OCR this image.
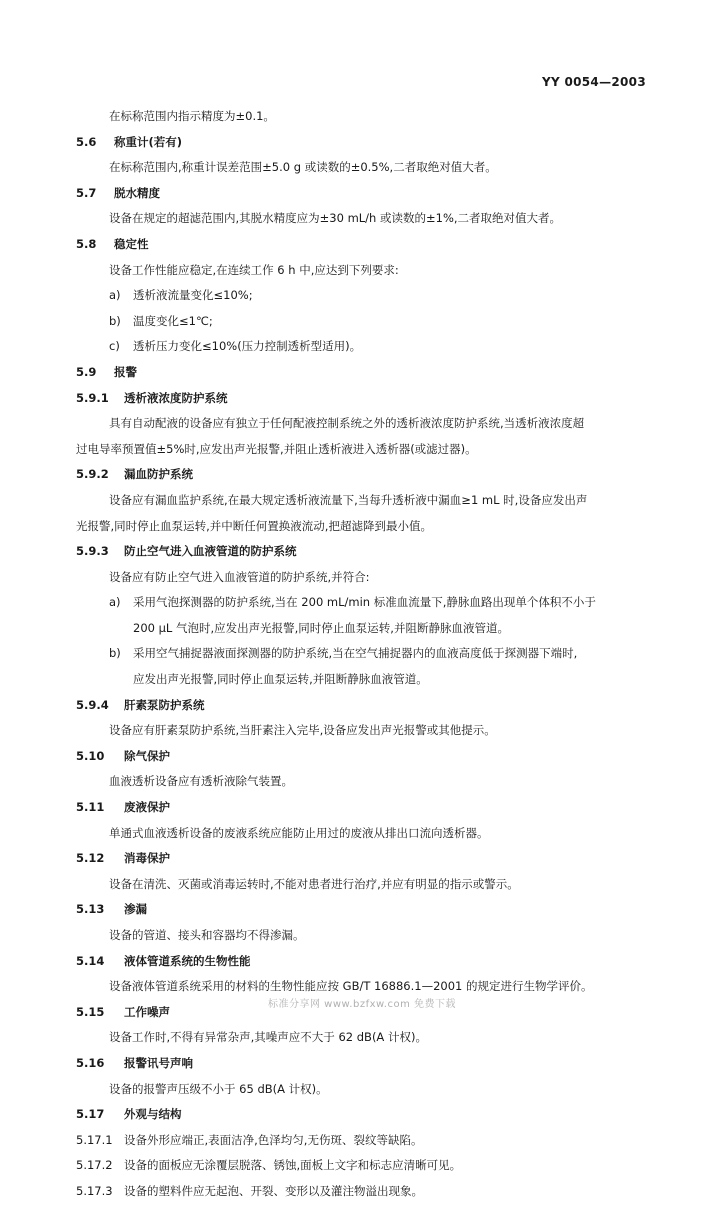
YY 0054—2003
在标称范围内指示精度为±0.1。
5.6 称重计(若有)
在标称范围内,称重计误差范围±5.0 g 或读数的±0.5%,二者取绝对值大者。
5.7 脱水精度
设备在规定的超滤范围内,其脱水精度应为±30 mL/h 或读数的±1%,二者取绝对值大者。
5.8 稳定性
设备工作性能应稳定,在连续工作 6 h 中,应达到下列要求:
a) 透析液流量变化≤10%;
b) 温度变化≤1℃;
c) 透析压力变化≤10%(压力控制透析型适用)。
5.9 报警
5.9.1 透析液浓度防护系统
具有自动配液的设备应有独立于任何配液控制系统之外的透析液浓度防护系统,当透析液浓度超
过电导率预置值±5%时,应发出声光报警,并阻止透析液进入透析器(或滤过器)。
5.9.2 漏血防护系统
设备应有漏血监护系统,在最大规定透析液流量下,当每升透析液中漏血≥1 mL 时,设备应发出声
光报警,同时停止血泵运转,并中断任何置换液流动,把超滤降到最小值。
5.9.3 防止空气进入血液管道的防护系统
设备应有防止空气进入血液管道的防护系统,并符合:
a) 采用气泡探测器的防护系统,当在 200 mL/min 标准血流量下,静脉血路出现单个体积不小于
200 μL 气泡时,应发出声光报警,同时停止血泵运转,并阻断静脉血液管道。
b) 采用空气捕捉器液面探测器的防护系统,当在空气捕捉器内的血液高度低于探测器下端时,
应发出声光报警,同时停止血泵运转,并阻断静脉血液管道。
5.9.4 肝素泵防护系统
设备应有肝素泵防护系统,当肝素注入完毕,设备应发出声光报警或其他提示。
5.10 除气保护
血液透析设备应有透析液除气装置。
5.11 废液保护
单通式血液透析设备的废液系统应能防止用过的废液从排出口流向透析器。
5.12 消毒保护
设备在清洗、灭菌或消毒运转时,不能对患者进行治疗,并应有明显的指示或警示。
5.13 渗漏
设备的管道、接头和容器均不得渗漏。
5.14 液体管道系统的生物性能
设备液体管道系统采用的材料的生物性能应按 GB/T 16886.1—2001 的规定进行生物学评价。
5.15 工作噪声
设备工作时,不得有异常杂声,其噪声应不大于 62 dB(A 计权)。
5.16 报警讯号声响
设备的报警声压级不小于 65 dB(A 计权)。
5.17 外观与结构
5.17.1 设备外形应端正,表面洁净,色泽均匀,无伤斑、裂纹等缺陷。
5.17.2 设备的面板应无涂覆层脱落、锈蚀,面板上文字和标志应清晰可见。
5.17.3 设备的塑料件应无起泡、开裂、变形以及灌注物溢出现象。
标准分享网 www.bzfxw.com 免费下载
